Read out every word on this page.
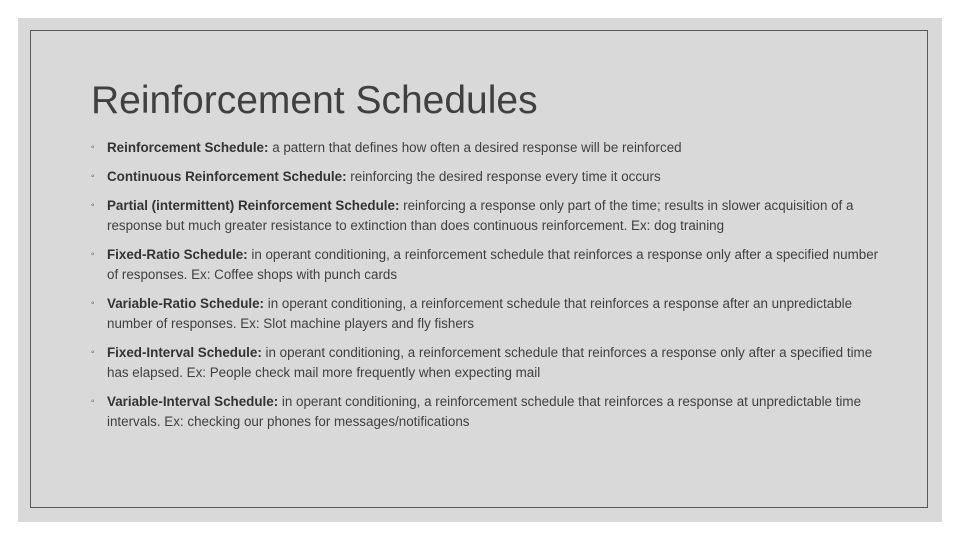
Reinforcement Schedules
◦ Reinforcement Schedule: a pattern that defines how often a desired response will be reinforced
◦ Continuous Reinforcement Schedule: reinforcing the desired response every time it occurs
◦ Partial (intermittent) Reinforcement Schedule: reinforcing a response only part of the time; results in slower acquisition of a response but much greater resistance to extinction than does continuous reinforcement. Ex: dog training
◦ Fixed-Ratio Schedule: in operant conditioning, a reinforcement schedule that reinforces a response only after a specified number of responses. Ex: Coffee shops with punch cards
◦ Variable-Ratio Schedule: in operant conditioning, a reinforcement schedule that reinforces a response after an unpredictable number of responses. Ex: Slot machine players and fly fishers
◦ Fixed-Interval Schedule: in operant conditioning, a reinforcement schedule that reinforces a response only after a specified time has elapsed. Ex: People check mail more frequently when expecting mail
◦ Variable-Interval Schedule: in operant conditioning, a reinforcement schedule that reinforces a response at unpredictable time intervals. Ex: checking our phones for messages/notifications
